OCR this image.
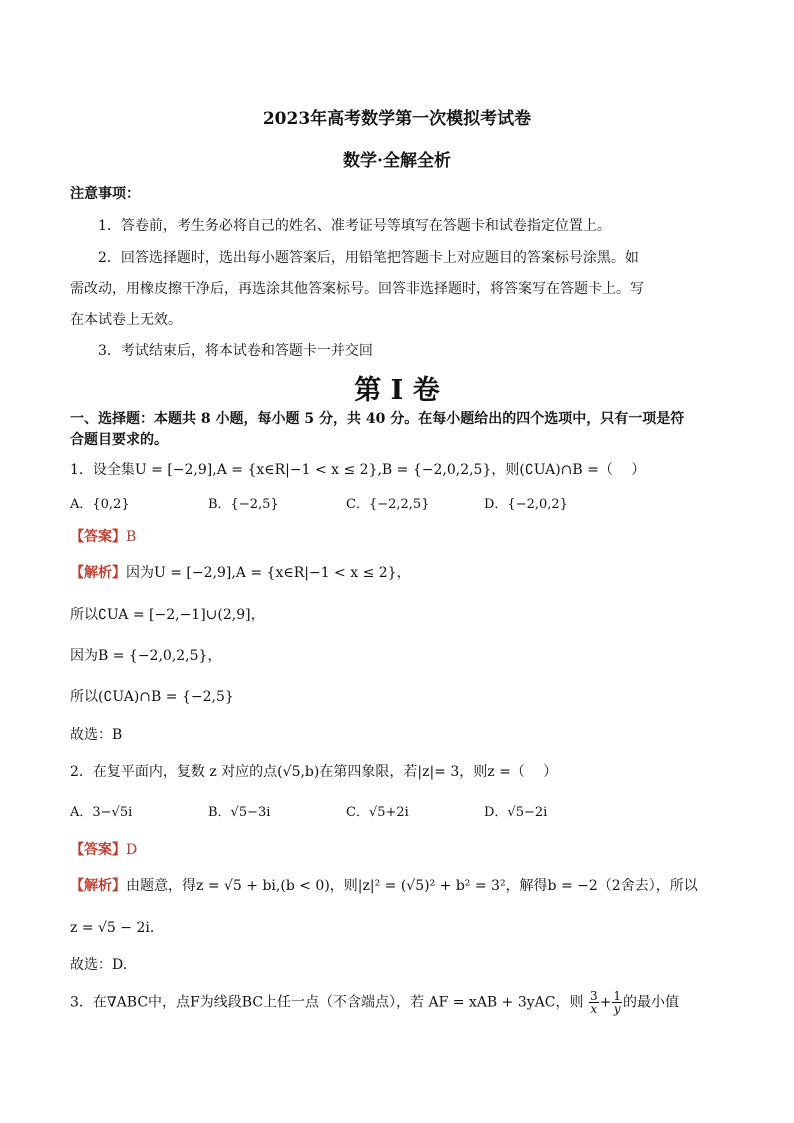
2023年高考数学第一次模拟考试卷
数学·全解全析
注意事项：
1．答卷前，考生务必将自己的姓名、准考证号等填写在答题卡和试卷指定位置上。
2．回答选择题时，选出每小题答案后，用铅笔把答题卡上对应题目的答案标号涂黑。如
需改动，用橡皮擦干净后，再选涂其他答案标号。回答非选择题时，将答案写在答题卡上。写
在本试卷上无效。
3．考试结束后，将本试卷和答题卡一并交回
第 I 卷
一、选择题：本题共 8 小题，每小题 5 分，共 40 分。在每小题给出的四个选项中，只有一项是符
合题目要求的。
1．设全集U = [−2,9],A = {x∈R|−1 < x ≤ 2},B = {−2,0,2,5}，则(∁UA)∩B =（　 ）
A．{0,2}	B．{−2,5}	C．{−2,2,5}	D．{−2,0,2}
【答案】B
【解析】因为U = [−2,9],A = {x∈R|−1 < x ≤ 2}，
所以∁UA = [−2,−1]∪(2,9]，
因为B = {−2,0,2,5}，
所以(∁UA)∩B = {−2,5}
故选：B
2．在复平面内，复数 z 对应的点(√5,b)在第四象限，若|z|= 3，则z =（　 ）
A．3−√5i	B．√5−3i	C．√5+2i	D．√5−2i
【答案】D
【解析】由题意，得z = √5 + bi,(b < 0)，则|z|² = (√5)² + b² = 3²，解得b = −2（2舍去），所以
z = √5 − 2i．
故选：D.
3．在∇ABC中，点F为线段BC上任一点（不含端点），若 AF = xAB + 3yAC，则 $\frac{3}{x} + \frac{1}{y}$ 的最小值
